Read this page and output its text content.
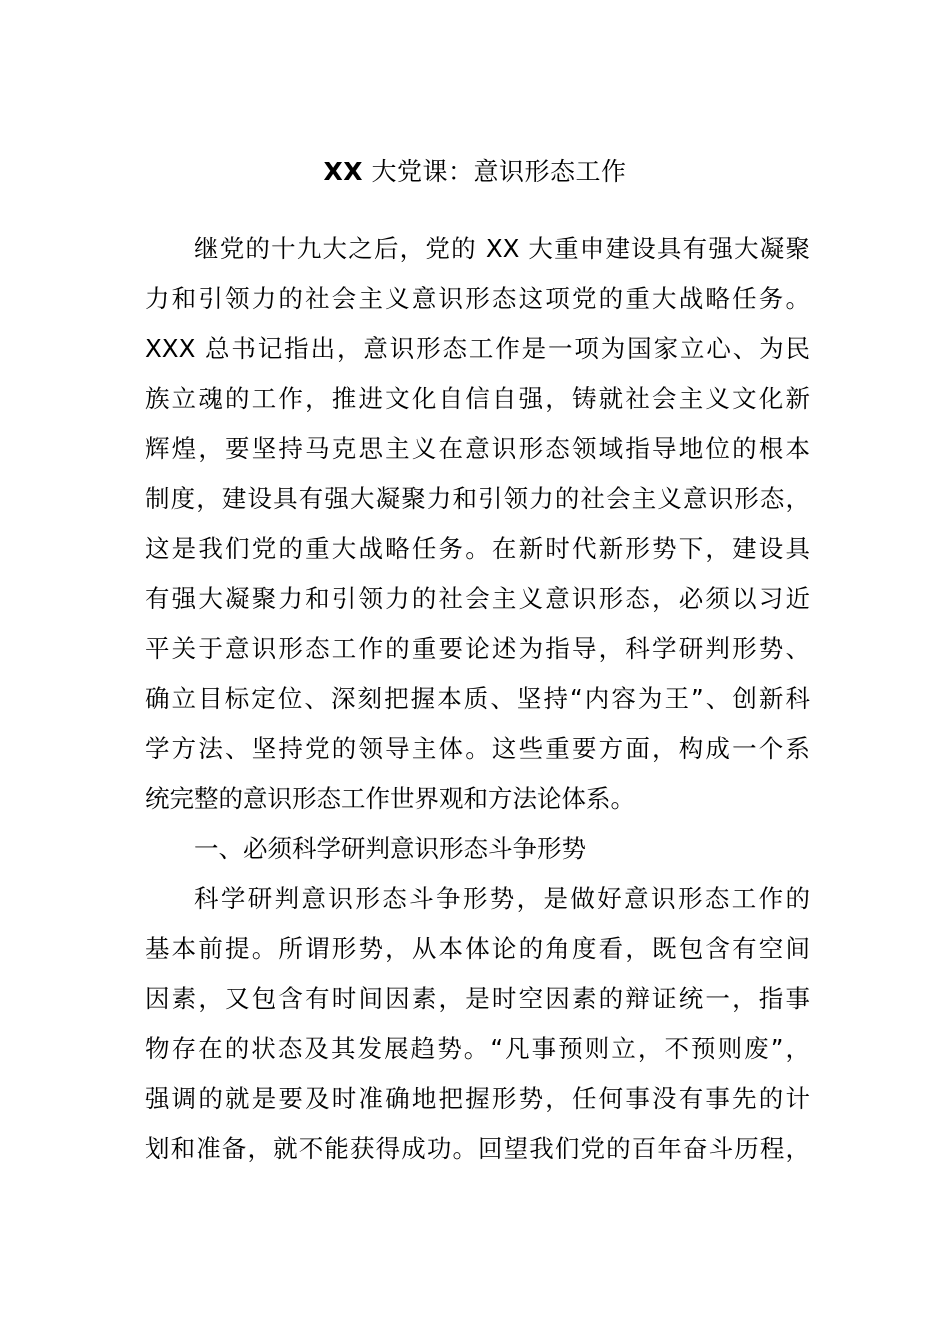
XX 大党课：意识形态工作
继党的十九大之后，党的 XX 大重申建设具有强大凝聚
力和引领力的社会主义意识形态这项党的重大战略任务。
XXX 总书记指出，意识形态工作是一项为国家立心、为民
族立魂的工作，推进文化自信自强，铸就社会主义文化新
辉煌，要坚持马克思主义在意识形态领域指导地位的根本
制度，建设具有强大凝聚力和引领力的社会主义意识形态，
这是我们党的重大战略任务。在新时代新形势下，建设具
有强大凝聚力和引领力的社会主义意识形态，必须以习近
平关于意识形态工作的重要论述为指导，科学研判形势、
确立目标定位、深刻把握本质、坚持“内容为王”、创新科
学方法、坚持党的领导主体。这些重要方面，构成一个系
统完整的意识形态工作世界观和方法论体系。
一、必须科学研判意识形态斗争形势
科学研判意识形态斗争形势，是做好意识形态工作的
基本前提。所谓形势，从本体论的角度看，既包含有空间
因素，又包含有时间因素，是时空因素的辩证统一，指事
物存在的状态及其发展趋势。“凡事预则立，不预则废”，
强调的就是要及时准确地把握形势，任何事没有事先的计
划和准备，就不能获得成功。回望我们党的百年奋斗历程，
